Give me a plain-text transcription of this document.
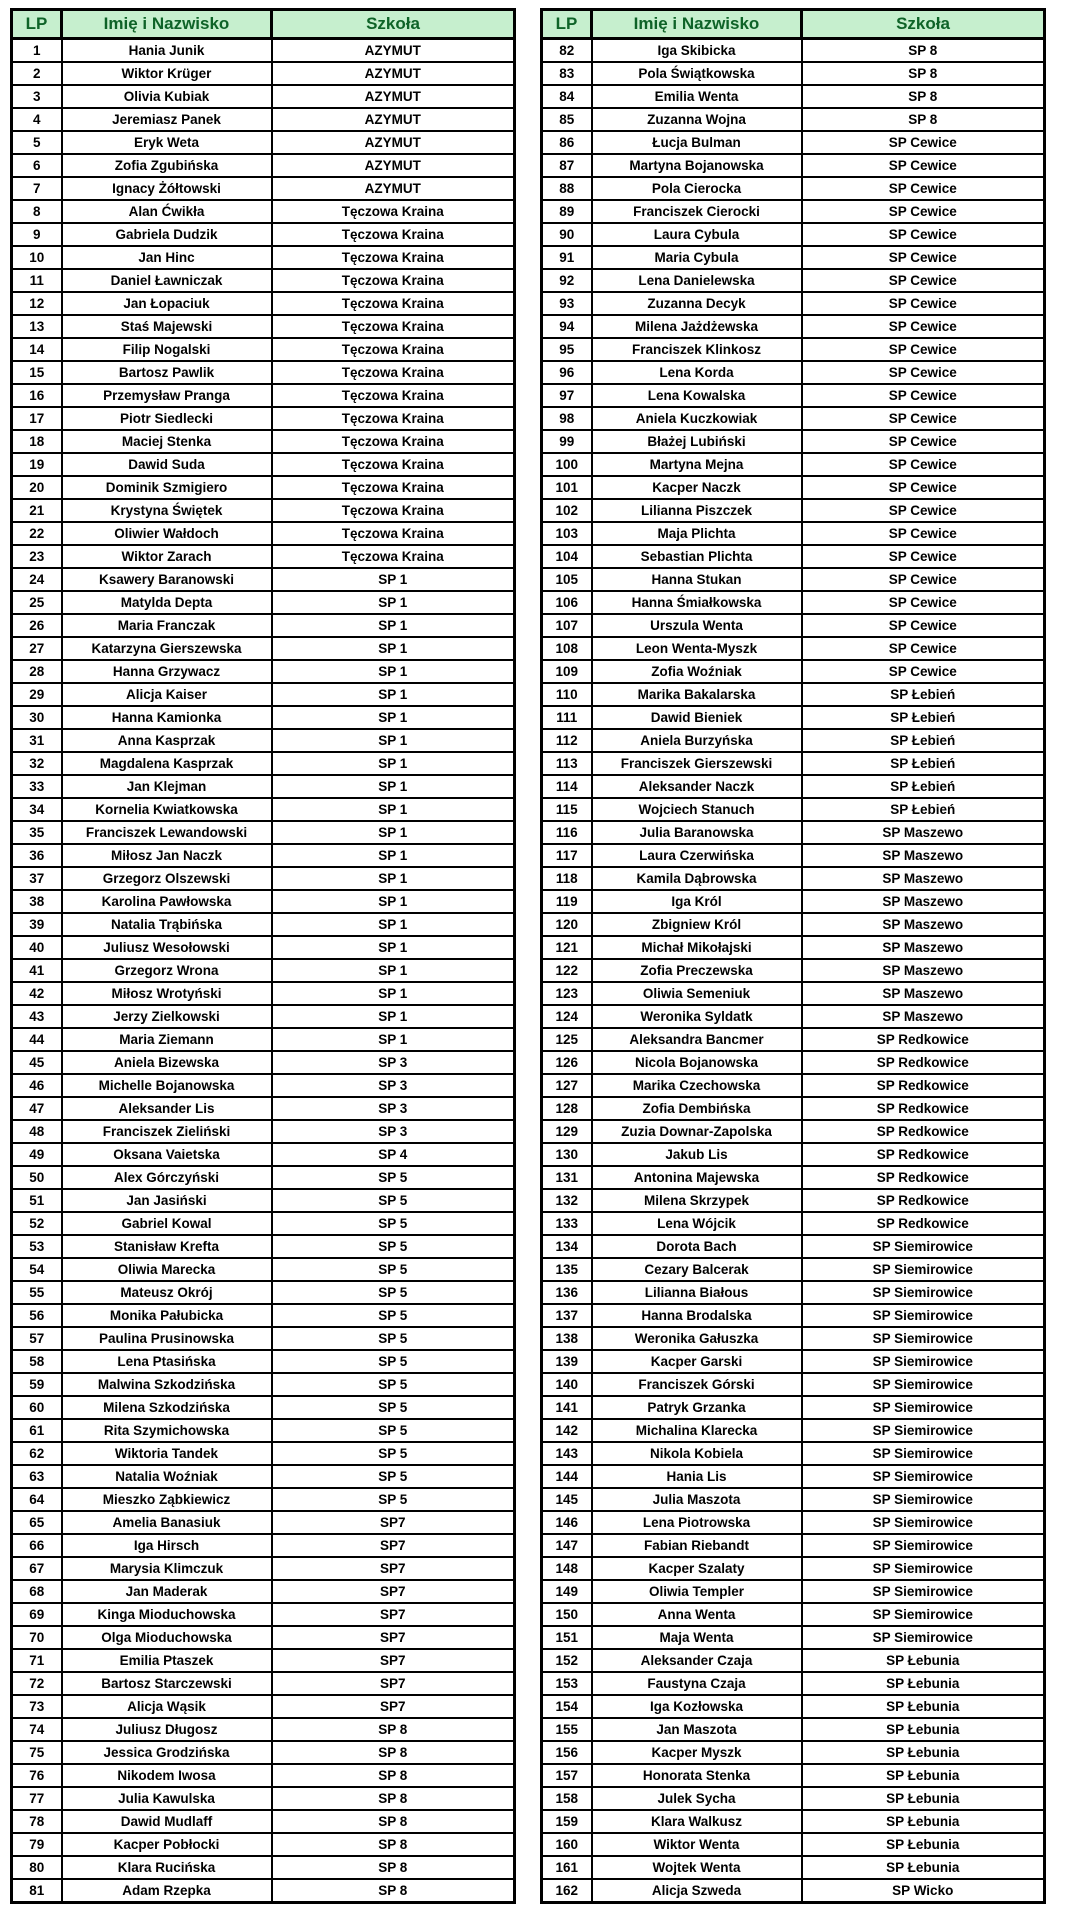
LP	Imię i Nazwisko	Szkoła
1	Hania Junik	AZYMUT
2	Wiktor Krüger	AZYMUT
3	Olivia Kubiak	AZYMUT
4	Jeremiasz Panek	AZYMUT
5	Eryk Weta	AZYMUT
6	Zofia Zgubińska	AZYMUT
7	Ignacy Żółtowski	AZYMUT
8	Alan Ćwikła	Tęczowa Kraina
9	Gabriela Dudzik	Tęczowa Kraina
10	Jan Hinc	Tęczowa Kraina
11	Daniel Ławniczak	Tęczowa Kraina
12	Jan Łopaciuk	Tęczowa Kraina
13	Staś Majewski	Tęczowa Kraina
14	Filip Nogalski	Tęczowa Kraina
15	Bartosz Pawlik	Tęczowa Kraina
16	Przemysław Pranga	Tęczowa Kraina
17	Piotr Siedlecki	Tęczowa Kraina
18	Maciej Stenka	Tęczowa Kraina
19	Dawid Suda	Tęczowa Kraina
20	Dominik Szmigiero	Tęczowa Kraina
21	Krystyna Świętek	Tęczowa Kraina
22	Oliwier Wałdoch	Tęczowa Kraina
23	Wiktor Zarach	Tęczowa Kraina
24	Ksawery Baranowski	SP 1
25	Matylda Depta	SP 1
26	Maria Franczak	SP 1
27	Katarzyna Gierszewska	SP 1
28	Hanna Grzywacz	SP 1
29	Alicja Kaiser	SP 1
30	Hanna Kamionka	SP 1
31	Anna Kasprzak	SP 1
32	Magdalena Kasprzak	SP 1
33	Jan Klejman	SP 1
34	Kornelia Kwiatkowska	SP 1
35	Franciszek Lewandowski	SP 1
36	Miłosz Jan Naczk	SP 1
37	Grzegorz Olszewski	SP 1
38	Karolina Pawłowska	SP 1
39	Natalia Trąbińska	SP 1
40	Juliusz Wesołowski	SP 1
41	Grzegorz Wrona	SP 1
42	Miłosz Wrotyński	SP 1
43	Jerzy Zielkowski	SP 1
44	Maria Ziemann	SP 1
45	Aniela Bizewska	SP 3
46	Michelle Bojanowska	SP 3
47	Aleksander Lis	SP 3
48	Franciszek Zieliński	SP 3
49	Oksana Vaietska	SP 4
50	Alex Górczyński	SP 5
51	Jan Jasiński	SP 5
52	Gabriel Kowal	SP 5
53	Stanisław Krefta	SP 5
54	Oliwia Marecka	SP 5
55	Mateusz Okrój	SP 5
56	Monika Pałubicka	SP 5
57	Paulina Prusinowska	SP 5
58	Lena Ptasińska	SP 5
59	Malwina Szkodzińska	SP 5
60	Milena Szkodzińska	SP 5
61	Rita Szymichowska	SP 5
62	Wiktoria Tandek	SP 5
63	Natalia Woźniak	SP 5
64	Mieszko Ząbkiewicz	SP 5
65	Amelia Banasiuk	SP7
66	Iga Hirsch	SP7
67	Marysia Klimczuk	SP7
68	Jan Maderak	SP7
69	Kinga Mioduchowska	SP7
70	Olga Mioduchowska	SP7
71	Emilia Ptaszek	SP7
72	Bartosz Starczewski	SP7
73	Alicja Wąsik	SP7
74	Juliusz Długosz	SP 8
75	Jessica Grodzińska	SP 8
76	Nikodem Iwosa	SP 8
77	Julia Kawulska	SP 8
78	Dawid Mudlaff	SP 8
79	Kacper Pobłocki	SP 8
80	Klara Rucińska	SP 8
81	Adam Rzepka	SP 8
LP	Imię i Nazwisko	Szkoła
82	Iga Skibicka	SP 8
83	Pola Świątkowska	SP 8
84	Emilia Wenta	SP 8
85	Zuzanna Wojna	SP 8
86	Łucja Bulman	SP Cewice
87	Martyna Bojanowska	SP Cewice
88	Pola Cierocka	SP Cewice
89	Franciszek Cierocki	SP Cewice
90	Laura Cybula	SP Cewice
91	Maria Cybula	SP Cewice
92	Lena Danielewska	SP Cewice
93	Zuzanna Decyk	SP Cewice
94	Milena Jażdżewska	SP Cewice
95	Franciszek Klinkosz	SP Cewice
96	Lena Korda	SP Cewice
97	Lena Kowalska	SP Cewice
98	Aniela Kuczkowiak	SP Cewice
99	Błażej Lubiński	SP Cewice
100	Martyna Mejna	SP Cewice
101	Kacper Naczk	SP Cewice
102	Lilianna Piszczek	SP Cewice
103	Maja Plichta	SP Cewice
104	Sebastian Plichta	SP Cewice
105	Hanna Stukan	SP Cewice
106	Hanna Śmiałkowska	SP Cewice
107	Urszula Wenta	SP Cewice
108	Leon Wenta-Myszk	SP Cewice
109	Zofia Woźniak	SP Cewice
110	Marika Bakalarska	SP Łebień
111	Dawid Bieniek	SP Łebień
112	Aniela Burzyńska	SP Łebień
113	Franciszek Gierszewski	SP Łebień
114	Aleksander Naczk	SP Łebień
115	Wojciech Stanuch	SP Łebień
116	Julia Baranowska	SP Maszewo
117	Laura Czerwińska	SP Maszewo
118	Kamila Dąbrowska	SP Maszewo
119	Iga Król	SP Maszewo
120	Zbigniew Król	SP Maszewo
121	Michał Mikołajski	SP Maszewo
122	Zofia Preczewska	SP Maszewo
123	Oliwia Semeniuk	SP Maszewo
124	Weronika Syldatk	SP Maszewo
125	Aleksandra Bancmer	SP Redkowice
126	Nicola Bojanowska	SP Redkowice
127	Marika Czechowska	SP Redkowice
128	Zofia Dembińska	SP Redkowice
129	Zuzia Downar-Zapolska	SP Redkowice
130	Jakub Lis	SP Redkowice
131	Antonina Majewska	SP Redkowice
132	Milena Skrzypek	SP Redkowice
133	Lena Wójcik	SP Redkowice
134	Dorota Bach	SP Siemirowice
135	Cezary Balcerak	SP Siemirowice
136	Lilianna Białous	SP Siemirowice
137	Hanna Brodalska	SP Siemirowice
138	Weronika Gałuszka	SP Siemirowice
139	Kacper Garski	SP Siemirowice
140	Franciszek Górski	SP Siemirowice
141	Patryk Grzanka	SP Siemirowice
142	Michalina Klarecka	SP Siemirowice
143	Nikola Kobiela	SP Siemirowice
144	Hania Lis	SP Siemirowice
145	Julia Maszota	SP Siemirowice
146	Lena Piotrowska	SP Siemirowice
147	Fabian Riebandt	SP Siemirowice
148	Kacper Szalaty	SP Siemirowice
149	Oliwia Templer	SP Siemirowice
150	Anna Wenta	SP Siemirowice
151	Maja Wenta	SP Siemirowice
152	Aleksander Czaja	SP Łebunia
153	Faustyna Czaja	SP Łebunia
154	Iga Kozłowska	SP Łebunia
155	Jan Maszota	SP Łebunia
156	Kacper Myszk	SP Łebunia
157	Honorata Stenka	SP Łebunia
158	Julek Sycha	SP Łebunia
159	Klara Walkusz	SP Łebunia
160	Wiktor Wenta	SP Łebunia
161	Wojtek Wenta	SP Łebunia
162	Alicja Szweda	SP Wicko
